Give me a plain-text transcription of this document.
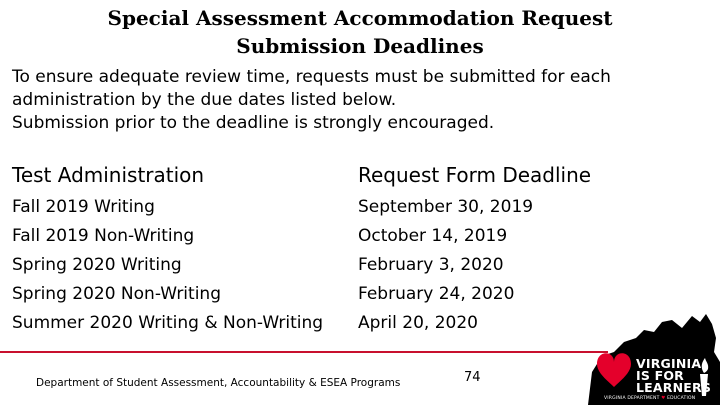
Special Assessment Accommodation Request
Submission Deadlines
To ensure adequate review time, requests must be submitted for each
administration by the due dates listed below.
Submission prior to the deadline is strongly encouraged.
Test Administration	Request Form Deadline
Fall 2019 Writing	September 30, 2019
Fall 2019 Non-Writing	October 14, 2019
Spring 2020 Writing	February 3, 2020
Spring 2020 Non-Writing	February 24, 2020
Summer 2020 Writing & Non-Writing	April 20, 2020
Department of Student Assessment, Accountability & ESEA Programs	74
VIRGINIA
IS FOR
LEARNERS
VIRGINIA DEPARTMENT ♥ EDUCATION
